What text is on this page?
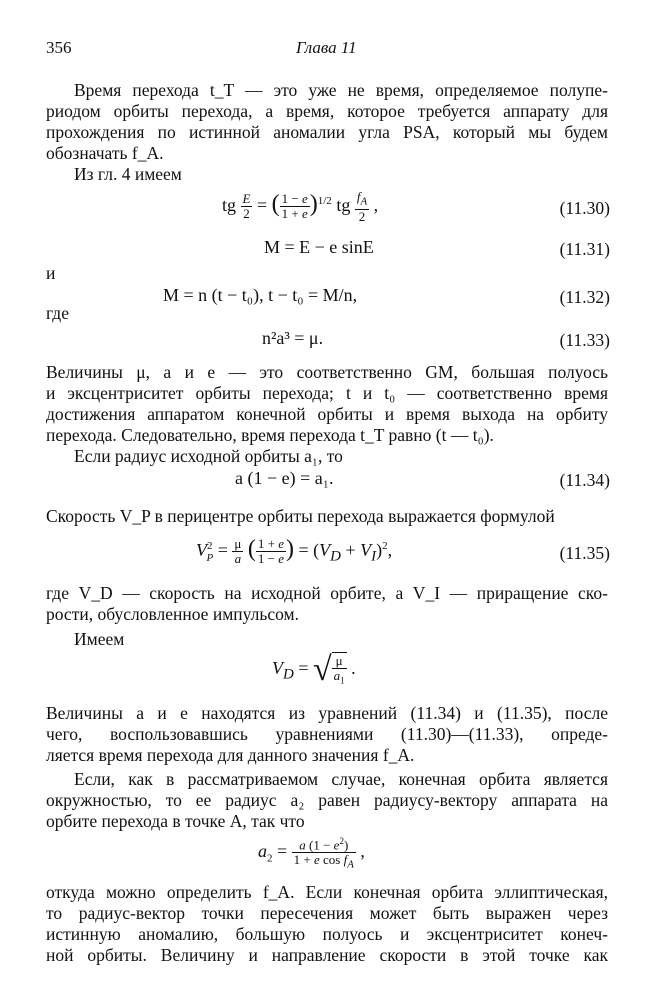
356	Глава 11
Время перехода t_T — это уже не время, определяемое полупе-
риодом орбиты перехода, а время, которое требуется аппарату для
прохождения по истинной аномалии угла PSA, который мы будем
обозначать f_A.
Из гл. 4 имеем
tg $\frac{E}{2}$ = ( $\frac{1 - e}{1 + e} )^{1/2}$ tg $\frac{f_A}{2}$ ,	(11.30)
M = E − e sinE	(11.31)
и
M = n (t − t₀), t − t₀ = M/n,	(11.32)
где
n²a³ = μ.	(11.33)
Величины μ, a и e — это соответственно GM, большая полуось
и эксцентриситет орбиты перехода; t и t₀ — соответственно время
достижения аппаратом конечной орбиты и время выхода на орбиту
перехода. Следовательно, время перехода t_T равно (t — t₀).
Если радиус исходной орбиты a₁, то
a (1 − e) = a₁.	(11.34)
Скорость V_P в перицентре орбиты перехода выражается формулой
$V^2_P = \frac{\mu}{a}$ ( $\frac{1 + e}{1 - e}$ ) = $(V_D + V_I)^2$,	(11.35)
где V_D — скорость на исходной орбите, а V_I — приращение ско-
рости, обусловленное импульсом.
Имеем
$V_D$ = √ $\frac{\mu}{a_1}$ .
Величины a и e находятся из уравнений (11.34) и (11.35), после
чего, воспользовавшись уравнениями (11.30)—(11.33), опреде-
ляется время перехода для данного значения f_A.
Если, как в рассматриваемом случае, конечная орбита является
окружностью, то ее радиус a₂ равен радиусу-вектору аппарата на
орбите перехода в точке A, так что
$a_2 = \frac{a (1 - e^2)}{1 + e \cos f_A}$ ,
откуда можно определить f_A. Если конечная орбита эллиптическая,
то радиус-вектор точки пересечения может быть выражен через
истинную аномалию, большую полуось и эксцентриситет конеч-
ной орбиты. Величину и направление скорости в этой точке как
